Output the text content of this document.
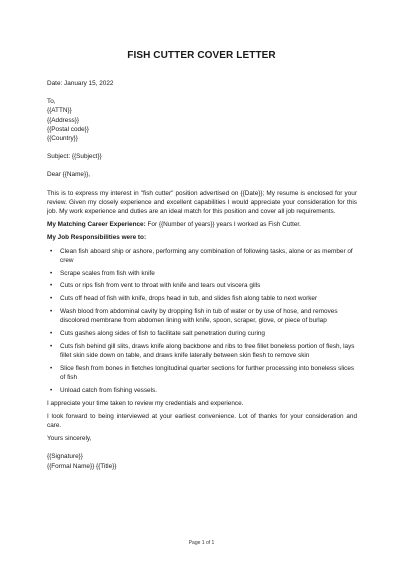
FISH CUTTER COVER LETTER
Date: January 15, 2022
To,
{{ATTN}}
{{Address}}
{{Postal code}}
{{Country}}
Subject: {{Subject}}
Dear {{Name}},
This is to express my interest in "fish cutter" position advertised on {{Date}}; My resume is enclosed for your review. Given my closely experience and excellent capabilities I would appreciate your consideration for this job. My work experience and duties are an ideal match for this position and cover all job requirements.
My Matching Career Experience: For {{Number of years}} years I worked as Fish Cutter.
My Job Responsibilities were to:
• Clean fish aboard ship or ashore, performing any combination of following tasks, alone or as member of crew
• Scrape scales from fish with knife
• Cuts or rips fish from vent to throat with knife and tears out viscera gills
• Cuts off head of fish with knife, drops head in tub, and slides fish along table to next worker
• Wash blood from abdominal cavity by dropping fish in tub of water or by use of hose, and removes discolored membrane from abdomen lining with knife, spoon, scraper, glove, or piece of burlap
• Cuts gashes along sides of fish to facilitate salt penetration during curing
• Cuts fish behind gill slits, draws knife along backbone and ribs to free fillet boneless portion of flesh, lays fillet skin side down on table, and draws knife laterally between skin flesh to remove skin
• Slice flesh from bones in fletches longitudinal quarter sections for further processing into boneless slices of fish
• Unload catch from fishing vessels.
I appreciate your time taken to review my credentials and experience.
I look forward to being interviewed at your earliest convenience. Lot of thanks for your consideration and care.
Yours sincerely,
{{Signature}}
{{Formal Name}} {{Title}}
Page 1 of 1
